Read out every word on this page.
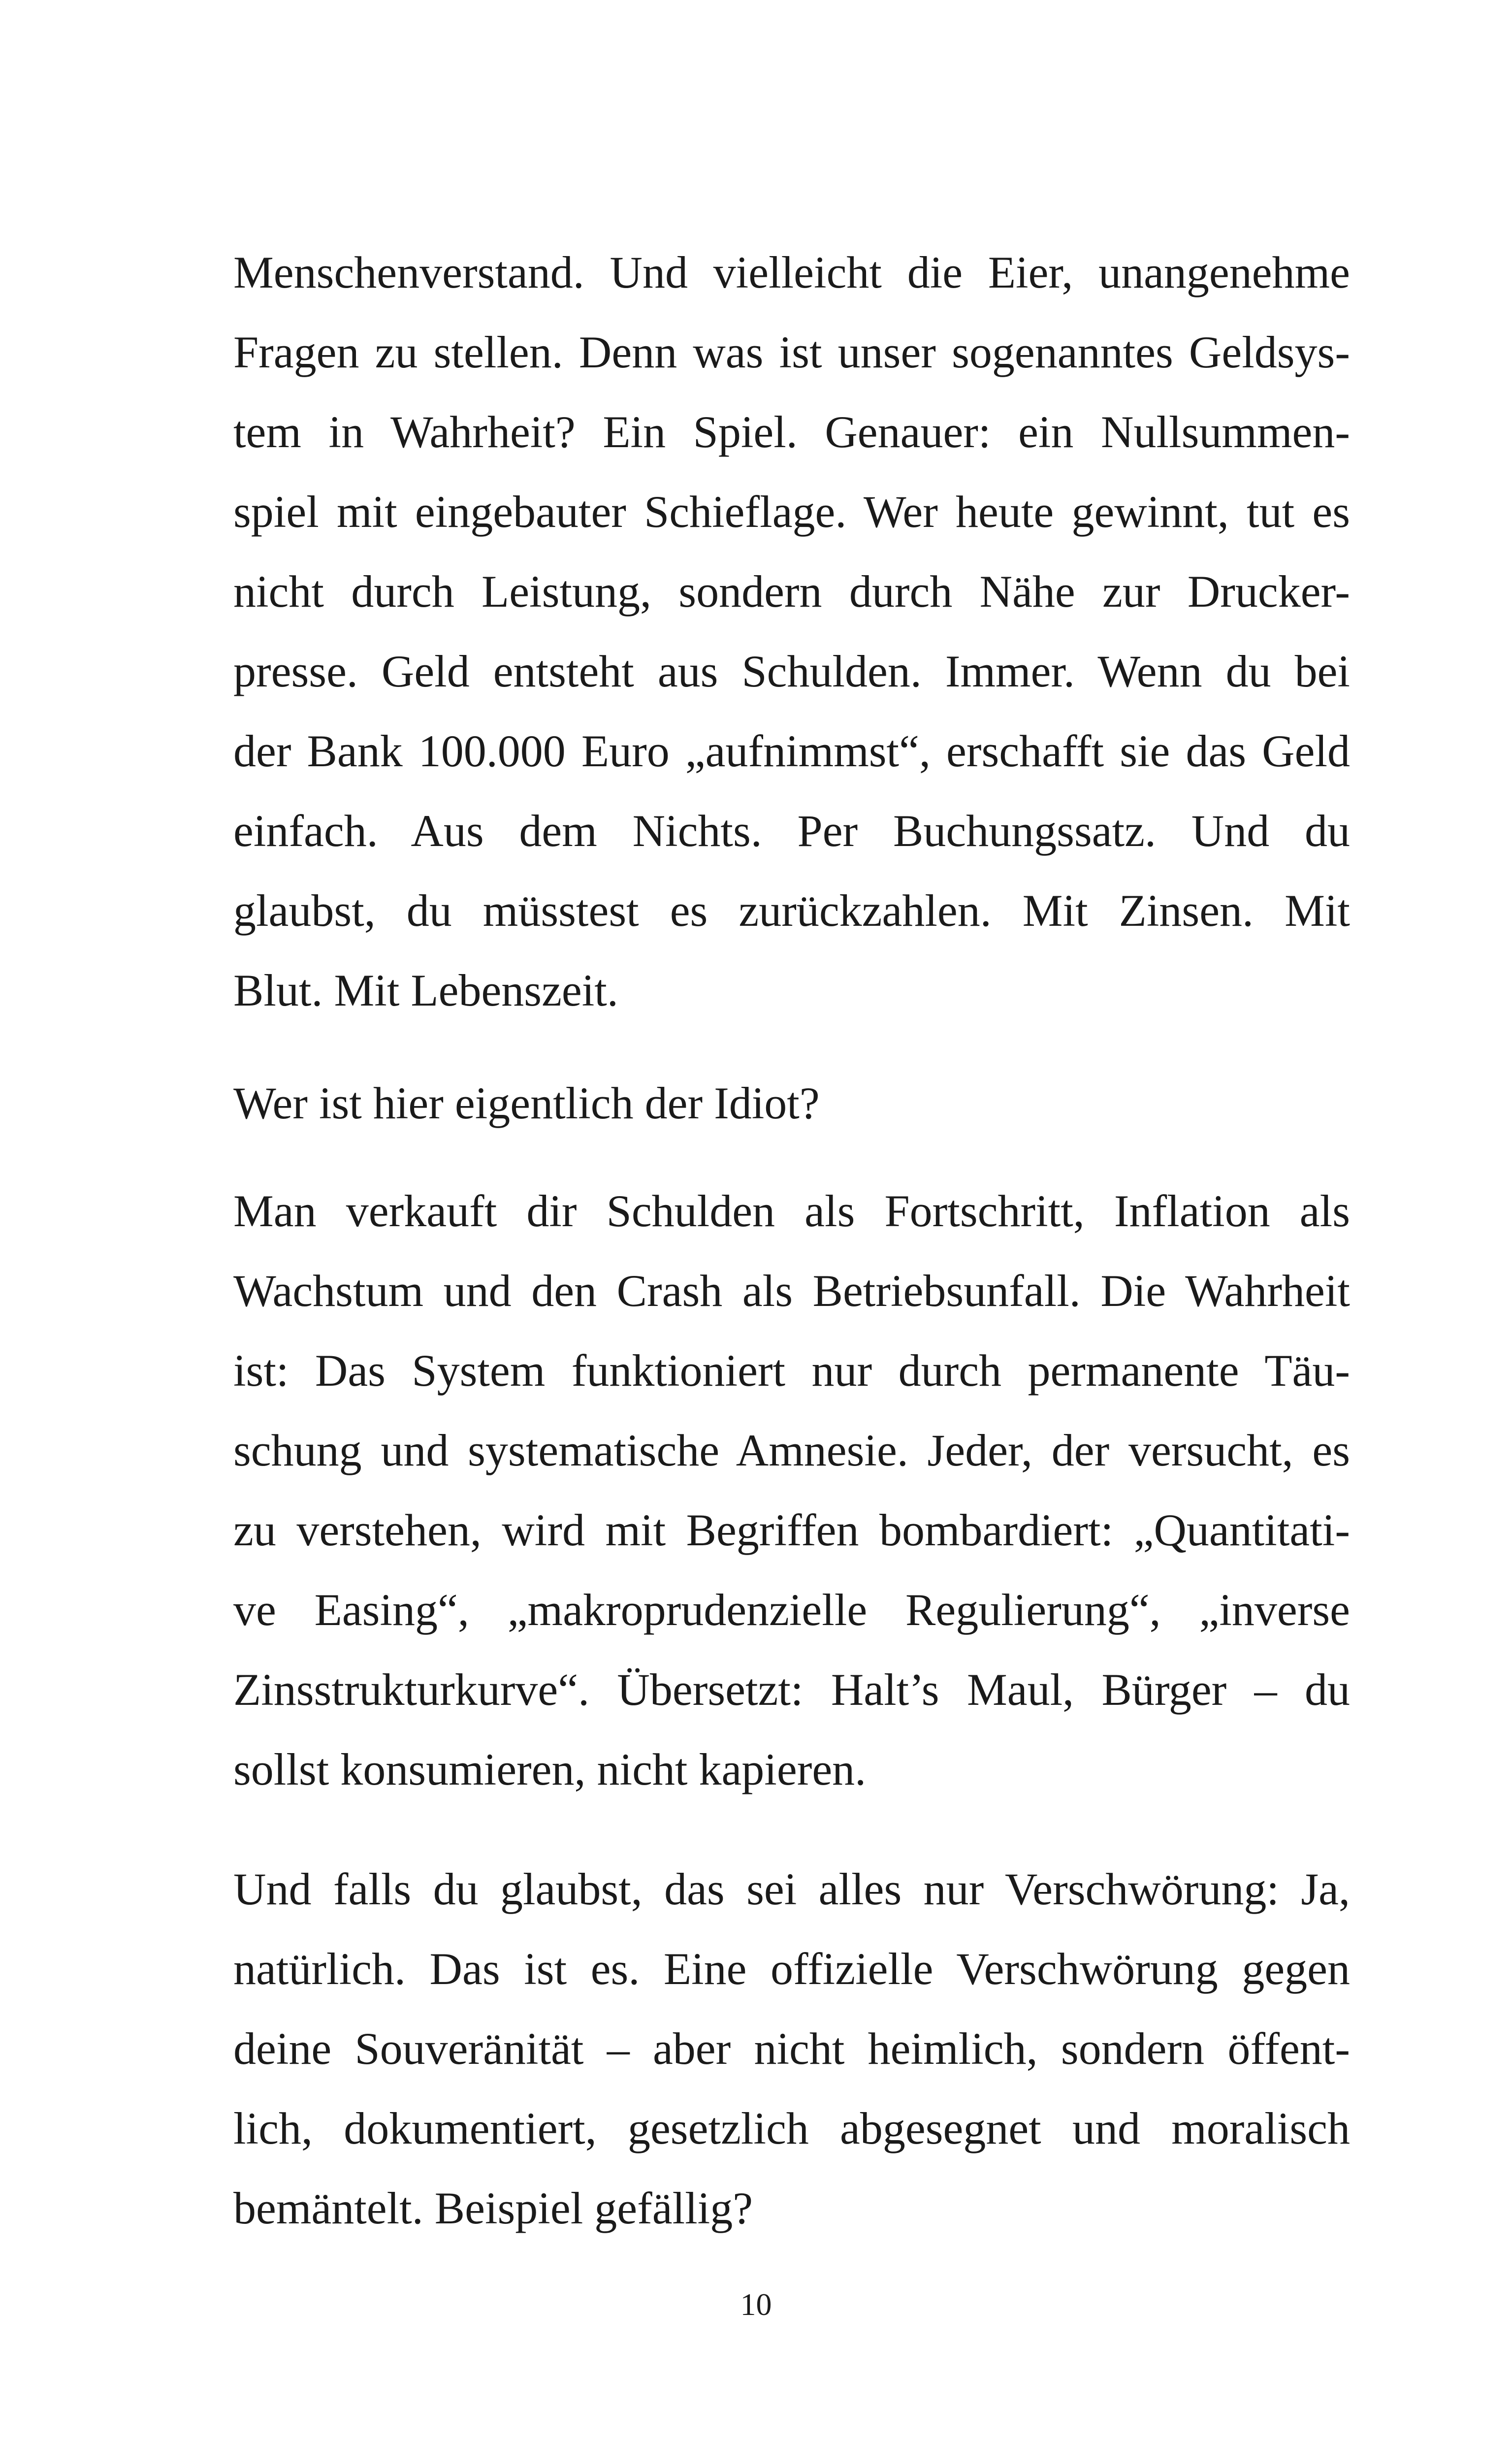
Menschenverstand. Und vielleicht die Eier, unangenehme
Fragen zu stellen. Denn was ist unser sogenanntes Geldsys-
tem in Wahrheit? Ein Spiel. Genauer: ein Nullsummen-
spiel mit eingebauter Schieflage. Wer heute gewinnt, tut es
nicht durch Leistung, sondern durch Nähe zur Drucker-
presse. Geld entsteht aus Schulden. Immer. Wenn du bei
der Bank 100.000 Euro „aufnimmst“, erschafft sie das Geld
einfach. Aus dem Nichts. Per Buchungssatz. Und du
glaubst, du müsstest es zurückzahlen. Mit Zinsen. Mit
Blut. Mit Lebenszeit.
Wer ist hier eigentlich der Idiot?
Man verkauft dir Schulden als Fortschritt, Inflation als
Wachstum und den Crash als Betriebsunfall. Die Wahrheit
ist: Das System funktioniert nur durch permanente Täu-
schung und systematische Amnesie. Jeder, der versucht, es
zu verstehen, wird mit Begriffen bombardiert: „Quantitati-
ve Easing“, „makroprudenzielle Regulierung“, „inverse
Zinsstrukturkurve“. Übersetzt: Halt’s Maul, Bürger – du
sollst konsumieren, nicht kapieren.
Und falls du glaubst, das sei alles nur Verschwörung: Ja,
natürlich. Das ist es. Eine offizielle Verschwörung gegen
deine Souveränität – aber nicht heimlich, sondern öffent-
lich, dokumentiert, gesetzlich abgesegnet und moralisch
bemäntelt. Beispiel gefällig?
10
